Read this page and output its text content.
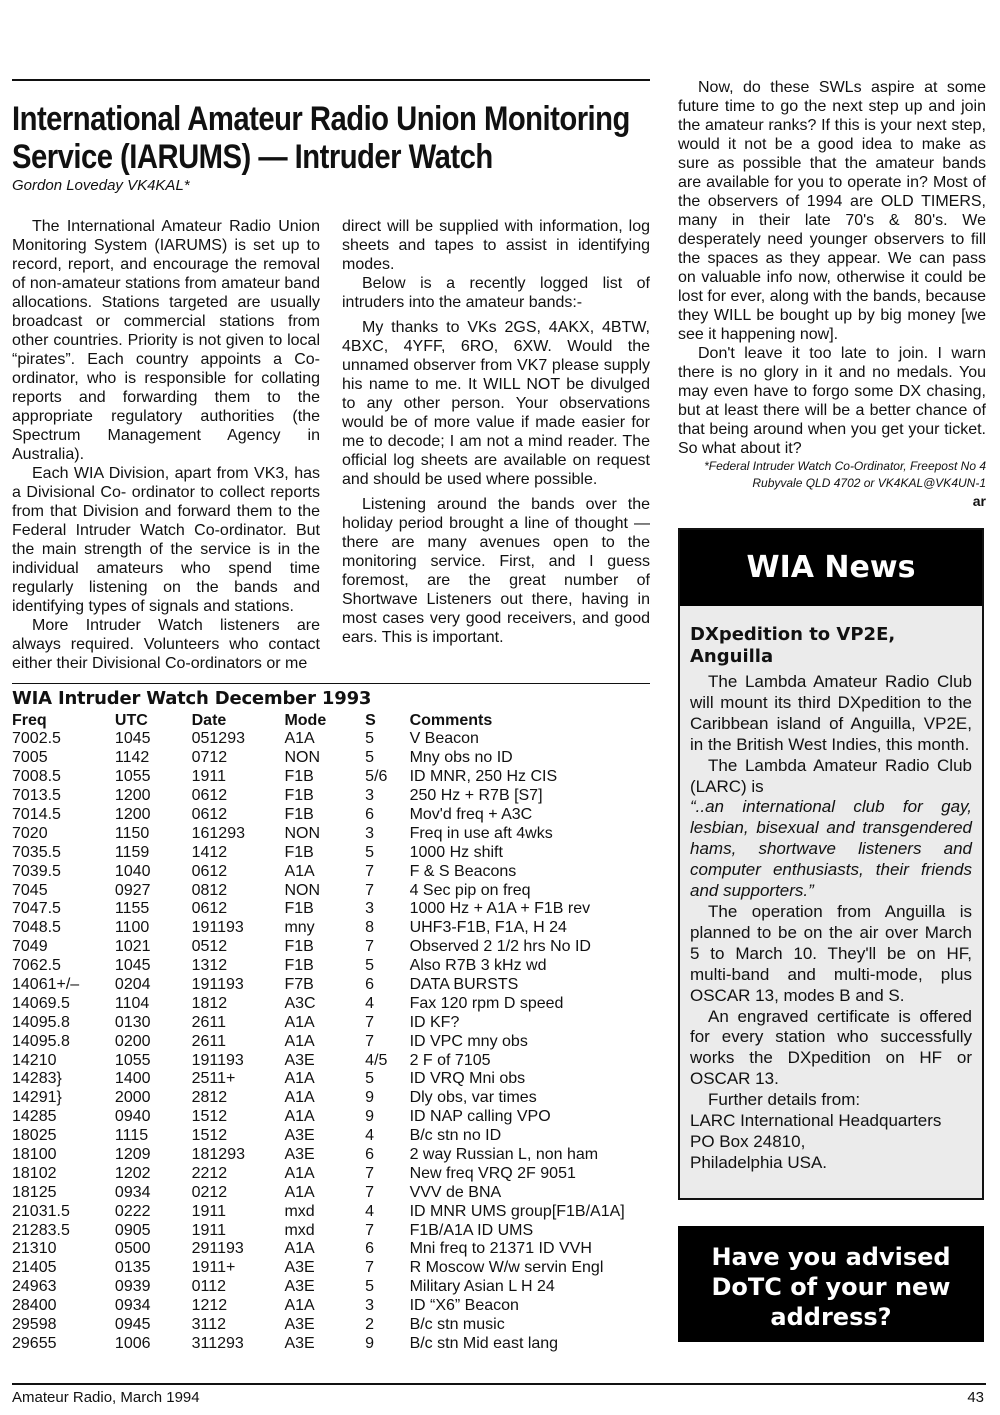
International Amateur Radio Union Monitoring
Service (IARUMS) — Intruder Watch
Gordon Loveday VK4KAL*

The International Amateur Radio Union Monitoring System (IARUMS) is set up to record, report, and encourage the removal of non-amateur stations from amateur band allocations. Stations targeted are usually broadcast or commercial stations from other countries. Priority is not given to local “pirates”. Each country appoints a Co-ordinator, who is responsible for collating reports and forwarding them to the appropriate regulatory authorities (the Spectrum Management Agency in Australia).

Each WIA Division, apart from VK3, has a Divisional Co- ordinator to collect reports from that Division and forward them to the Federal Intruder Watch Co-ordinator. But the main strength of the service is in the individual amateurs who spend time regularly listening on the bands and identifying types of signals and stations.

More Intruder Watch listeners are always required. Volunteers who contact either their Divisional Co-ordinators or me

direct will be supplied with information, log sheets and tapes to assist in identifying modes.

Below is a recently logged list of intruders into the amateur bands:-

My thanks to VKs 2GS, 4AKX, 4BTW, 4BXC, 4YFF, 6RO, 6XW. Would the unnamed observer from VK7 please supply his name to me. It WILL NOT be divulged to any other person. Your observations would be of more value if made easier for me to decode; I am not a mind reader. The official log sheets are available on request and should be used where possible.

Listening around the bands over the holiday period brought a line of thought — there are many avenues open to the monitoring service. First, and I guess foremost, are the great number of Shortwave Listeners out there, having in most cases very good receivers, and good ears. This is important.

Now, do these SWLs aspire at some future time to go the next step up and join the amateur ranks? If this is your next step, would it not be a good idea to make as sure as possible that the amateur bands are available for you to operate in? Most of the observers of 1994 are OLD TIMERS, many in their late 70's & 80's. We desperately need younger observers to fill the spaces as they appear. We can pass on valuable info now, otherwise it could be lost for ever, along with the bands, because they WILL be bought up by big money [we see it happening now].

Don't leave it too late to join. I warn there is no glory in it and no medals. You may even have to forgo some DX chasing, but at least there will be a better chance of that being around when you get your ticket. So what about it?

*Federal Intruder Watch Co-Ordinator, Freepost No 4

Rubyvale QLD 4702 or VK4KAL@VK4UN-1

ar

WIA Intruder Watch December 1993
Freq	UTC	Date	Mode	S	Comments
7002.5	1045	051293	A1A	5	V Beacon
7005	1142	0712	NON	5	Mny obs no ID
7008.5	1055	1911	F1B	5/6	ID MNR, 250 Hz CIS
7013.5	1200	0612	F1B	3	250 Hz + R7B [S7]
7014.5	1200	0612	F1B	6	Mov'd freq + A3C
7020	1150	161293	NON	3	Freq in use aft 4wks
7035.5	1159	1412	F1B	5	1000 Hz shift
7039.5	1040	0612	A1A	7	F & S Beacons
7045	0927	0812	NON	7	4 Sec pip on freq
7047.5	1155	0612	F1B	3	1000 Hz + A1A + F1B rev
7048.5	1100	191193	mny	8	UHF3-F1B, F1A, H 24
7049	1021	0512	F1B	7	Observed 2 1/2 hrs No ID
7062.5	1045	1312	F1B	5	Also R7B 3 kHz wd
14061+/–	0204	191193	F7B	6	DATA BURSTS
14069.5	1104	1812	A3C	4	Fax 120 rpm D speed
14095.8	0130	2611	A1A	7	ID KF?
14095.8	0200	2611	A1A	7	ID VPC mny obs
14210	1055	191193	A3E	4/5	2 F of 7105
14283}	1400	2511+	A1A	5	ID VRQ Mni obs
14291}	2000	2812	A1A	9	Dly obs, var times
14285	0940	1512	A1A	9	ID NAP calling VPO
18025	1115	1512	A3E	4	B/c stn no ID
18100	1209	181293	A3E	6	2 way Russian L, non ham
18102	1202	2212	A1A	7	New freq VRQ 2F 9051
18125	0934	0212	A1A	7	VVV de BNA
21031.5	0222	1911	mxd	4	ID MNR UMS group[F1B/A1A]
21283.5	0905	1911	mxd	7	F1B/A1A ID UMS
21310	0500	291193	A1A	6	Mni freq to 21371 ID VVH
21405	0135	1911+	A3E	7	R Moscow W/w servin Engl
24963	0939	0112	A3E	5	Military Asian L H 24
28400	0934	1212	A1A	3	ID “X6” Beacon
29598	0945	3112	A3E	2	B/c stn music
29655	1006	311293	A3E	9	B/c stn Mid east lang
WIA News
DXpedition to VP2E,
Anguilla

The Lambda Amateur Radio Club will mount its third DXpedition to the Caribbean island of Anguilla, VP2E, in the British West Indies, this month.

The Lambda Amateur Radio Club (LARC) is

“..an international club for gay, lesbian, bisexual and transgendered hams, shortwave listeners and computer enthusiasts, their friends and supporters.”

The operation from Anguilla is planned to be on the air over March 5 to March 10. They'll be on HF, multi-band and multi-mode, plus OSCAR 13, modes B and S.

An engraved certificate is offered for every station who successfully works the DXpedition on HF or OSCAR 13.

Further details from:

LARC International Headquarters

PO Box 24810,

Philadelphia USA.

Have you advised
DoTC of your new
address?
Amateur Radio, March 1994	43
